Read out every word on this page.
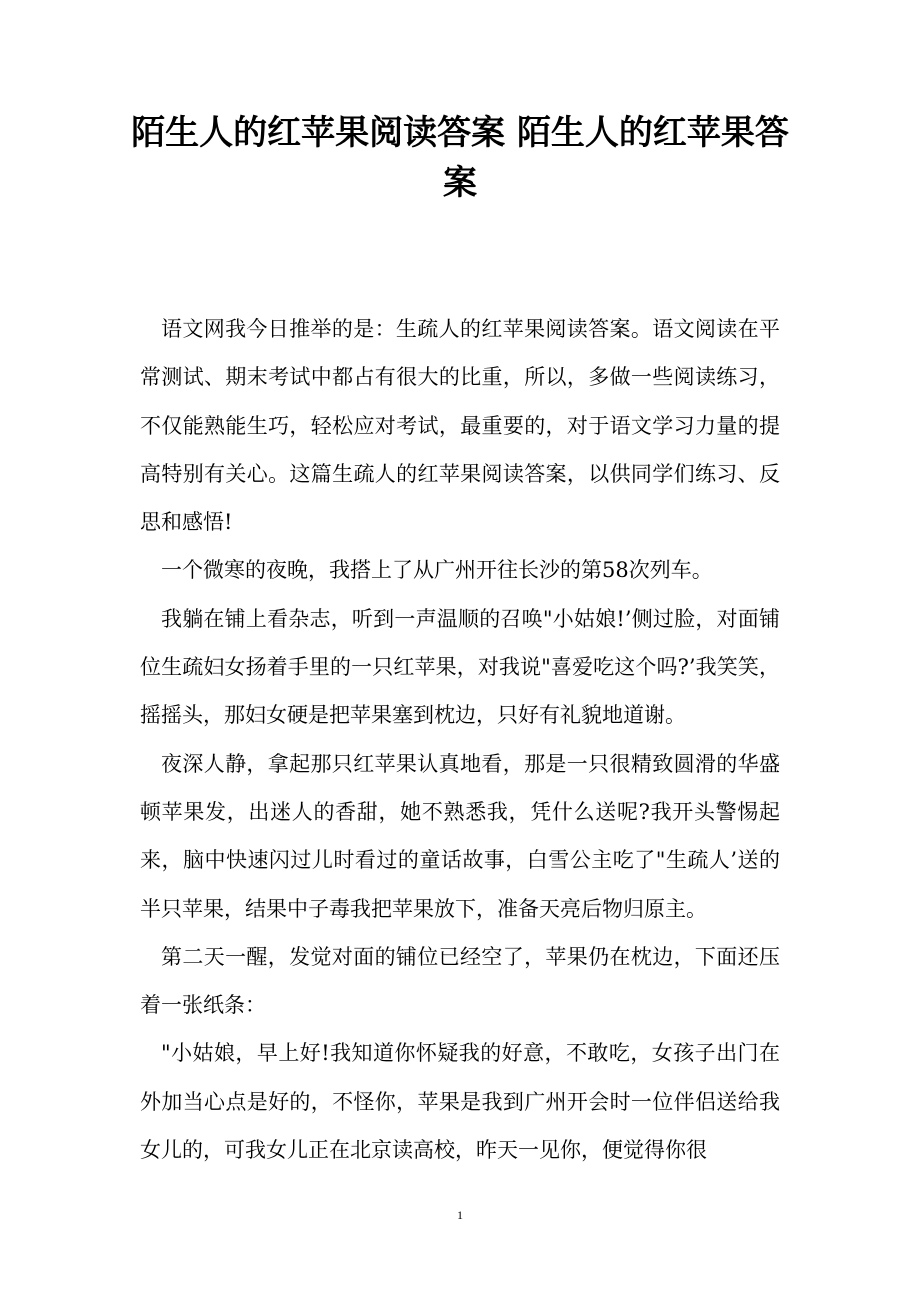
陌生人的红苹果阅读答案 陌生人的红苹果答案

语文网我今日推举的是：生疏人的红苹果阅读答案。语文阅读在平常测试、期末考试中都占有很大的比重，所以，多做一些阅读练习，不仅能熟能生巧，轻松应对考试，最重要的，对于语文学习力量的提高特别有关心。这篇生疏人的红苹果阅读答案，以供同学们练习、反思和感悟!

一个微寒的夜晚，我搭上了从广州开往长沙的第58次列车。

我躺在铺上看杂志，听到一声温顺的召唤"小姑娘!’侧过脸，对面铺位生疏妇女扬着手里的一只红苹果，对我说"喜爱吃这个吗?’我笑笑，摇摇头，那妇女硬是把苹果塞到枕边，只好有礼貌地道谢。

夜深人静，拿起那只红苹果认真地看，那是一只很精致圆滑的华盛顿苹果发，出迷人的香甜，她不熟悉我，凭什么送呢?我开头警惕起来，脑中快速闪过儿时看过的童话故事，白雪公主吃了"生疏人’送的半只苹果，结果中子毒我把苹果放下，准备天亮后物归原主。

第二天一醒，发觉对面的铺位已经空了，苹果仍在枕边，下面还压着一张纸条：

"小姑娘，早上好!我知道你怀疑我的好意，不敢吃，女孩子出门在外加当心点是好的，不怪你，苹果是我到广州开会时一位伴侣送给我女儿的，可我女儿正在北京读高校，昨天一见你，便觉得你很

1
